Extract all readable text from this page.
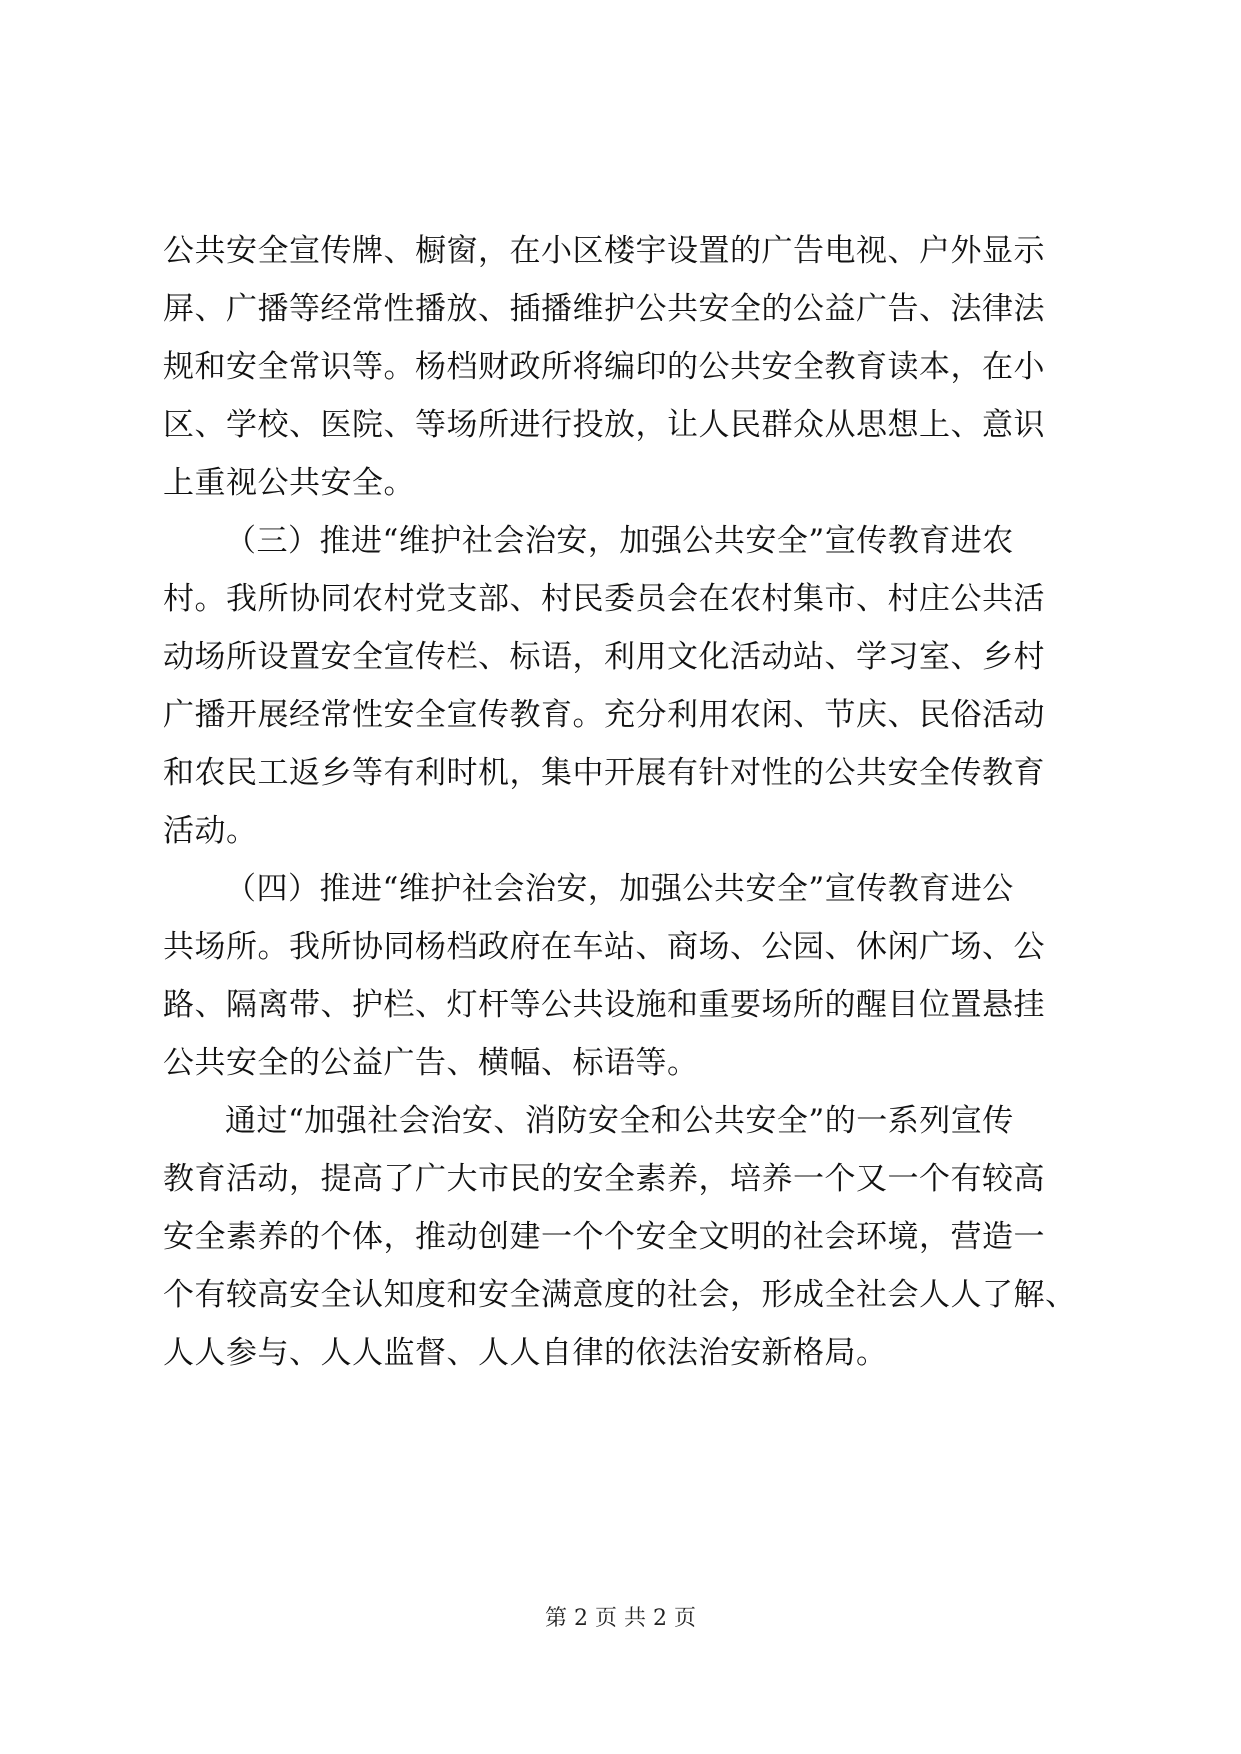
公共安全宣传牌、橱窗，在小区楼宇设置的广告电视、户外显示
屏、广播等经常性播放、插播维护公共安全的公益广告、法律法
规和安全常识等。杨档财政所将编印的公共安全教育读本，在小
区、学校、医院、等场所进行投放，让人民群众从思想上、意识
上重视公共安全。
（三）推进“维护社会治安，加强公共安全”宣传教育进农
村。我所协同农村党支部、村民委员会在农村集市、村庄公共活
动场所设置安全宣传栏、标语，利用文化活动站、学习室、乡村
广播开展经常性安全宣传教育。充分利用农闲、节庆、民俗活动
和农民工返乡等有利时机，集中开展有针对性的公共安全传教育
活动。
（四）推进“维护社会治安，加强公共安全”宣传教育进公
共场所。我所协同杨档政府在车站、商场、公园、休闲广场、公
路、隔离带、护栏、灯杆等公共设施和重要场所的醒目位置悬挂
公共安全的公益广告、横幅、标语等。
通过“加强社会治安、消防安全和公共安全”的一系列宣传
教育活动，提高了广大市民的安全素养，培养一个又一个有较高
安全素养的个体，推动创建一个个安全文明的社会环境，营造一
个有较高安全认知度和安全满意度的社会，形成全社会人人了解、
人人参与、人人监督、人人自律的依法治安新格局。
第 2 页 共 2 页
